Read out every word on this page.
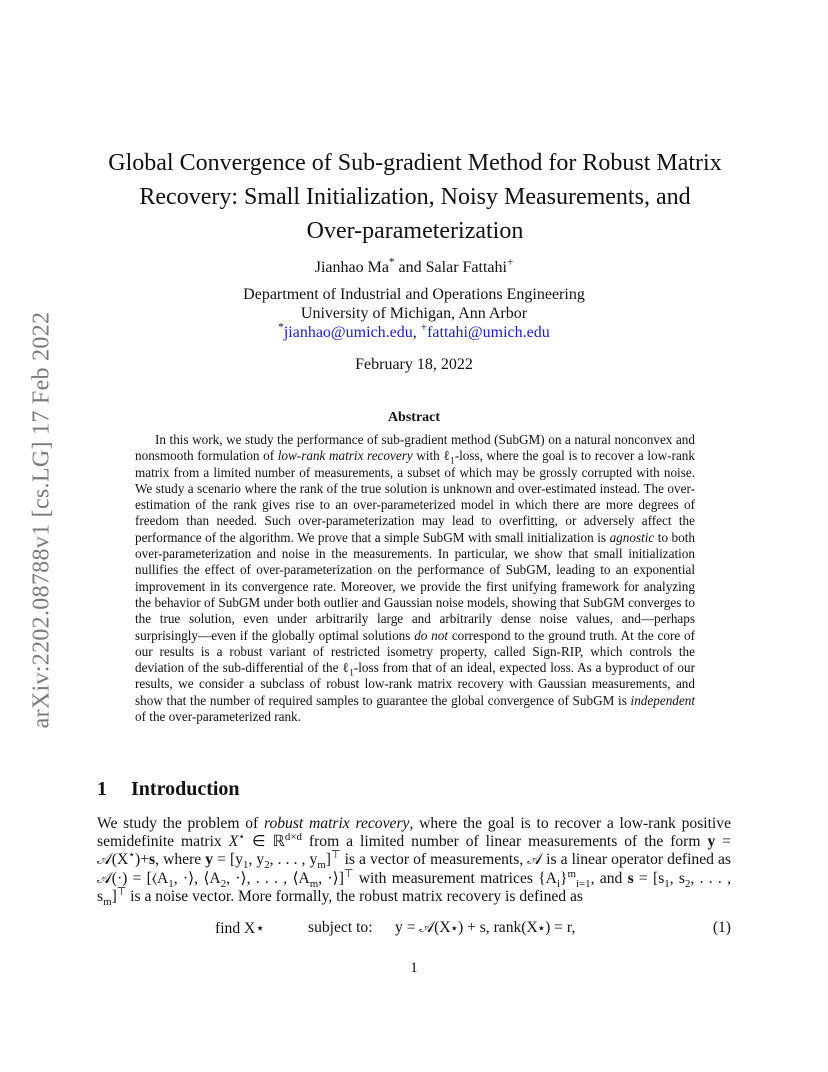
arXiv:2202.08788v1 [cs.LG] 17 Feb 2022
Global Convergence of Sub-gradient Method for Robust Matrix
Recovery: Small Initialization, Noisy Measurements, and
Over-parameterization
Jianhao Ma* and Salar Fattahi+
Department of Industrial and Operations Engineering
University of Michigan, Ann Arbor
*jianhao@umich.edu, +fattahi@umich.edu
February 18, 2022
Abstract
In this work, we study the performance of sub-gradient method (SubGM) on a natural nonconvex and nonsmooth formulation of low-rank matrix recovery with ℓ$_1$-loss, where the goal is to recover a low-rank matrix from a limited number of measurements, a subset of which may be grossly corrupted with noise. We study a scenario where the rank of the true solution is unknown and over-estimated instead. The over-estimation of the rank gives rise to an over-parameterized model in which there are more degrees of freedom than needed. Such over-parameterization may lead to overfitting, or adversely affect the performance of the algorithm. We prove that a simple SubGM with small initialization is agnostic to both over-parameterization and noise in the measurements. In particular, we show that small initialization nullifies the effect of over-parameterization on the performance of SubGM, leading to an exponential improvement in its convergence rate. Moreover, we provide the first unifying framework for analyzing the behavior of SubGM under both outlier and Gaussian noise models, showing that SubGM converges to the true solution, even under arbitrarily large and arbitrarily dense noise values, and—perhaps surprisingly—even if the globally optimal solutions do not correspond to the ground truth. At the core of our results is a robust variant of restricted isometry property, called Sign-RIP, which controls the deviation of the sub-differential of the ℓ$_1$-loss from that of an ideal, expected loss. As a byproduct of our results, we consider a subclass of robust low-rank matrix recovery with Gaussian measurements, and show that the number of required samples to guarantee the global convergence of SubGM is independent of the over-parameterized rank.
1 Introduction
We study the problem of robust matrix recovery, where the goal is to recover a low-rank positive semidefinite matrix X⋆ ∈ ℝ$^{d\times d}$ from a limited number of linear measurements of the form y = 𝒜(X⋆)+s, where $y = [y_1$, $y_2$, . . . , $y_m]^⊤$ is a vector of measurements, 𝒜 is a linear operator defined as 𝒜(·) = [$⟨A_1$, ·⟩, $⟨A_2$, ·⟩, . . . , $⟨A_m$, ·⟩]⊤ with measurement matrices $\{A_i\}^m_{i=1}$, and $s = [s_1$, $s_2$, . . . , $s_m]^⊤$ is a noise vector. More formally, the robust matrix recovery is defined as
find X⋆	subject to: y = 𝒜(X⋆) + s, rank(X⋆) = r,	(1)
1
